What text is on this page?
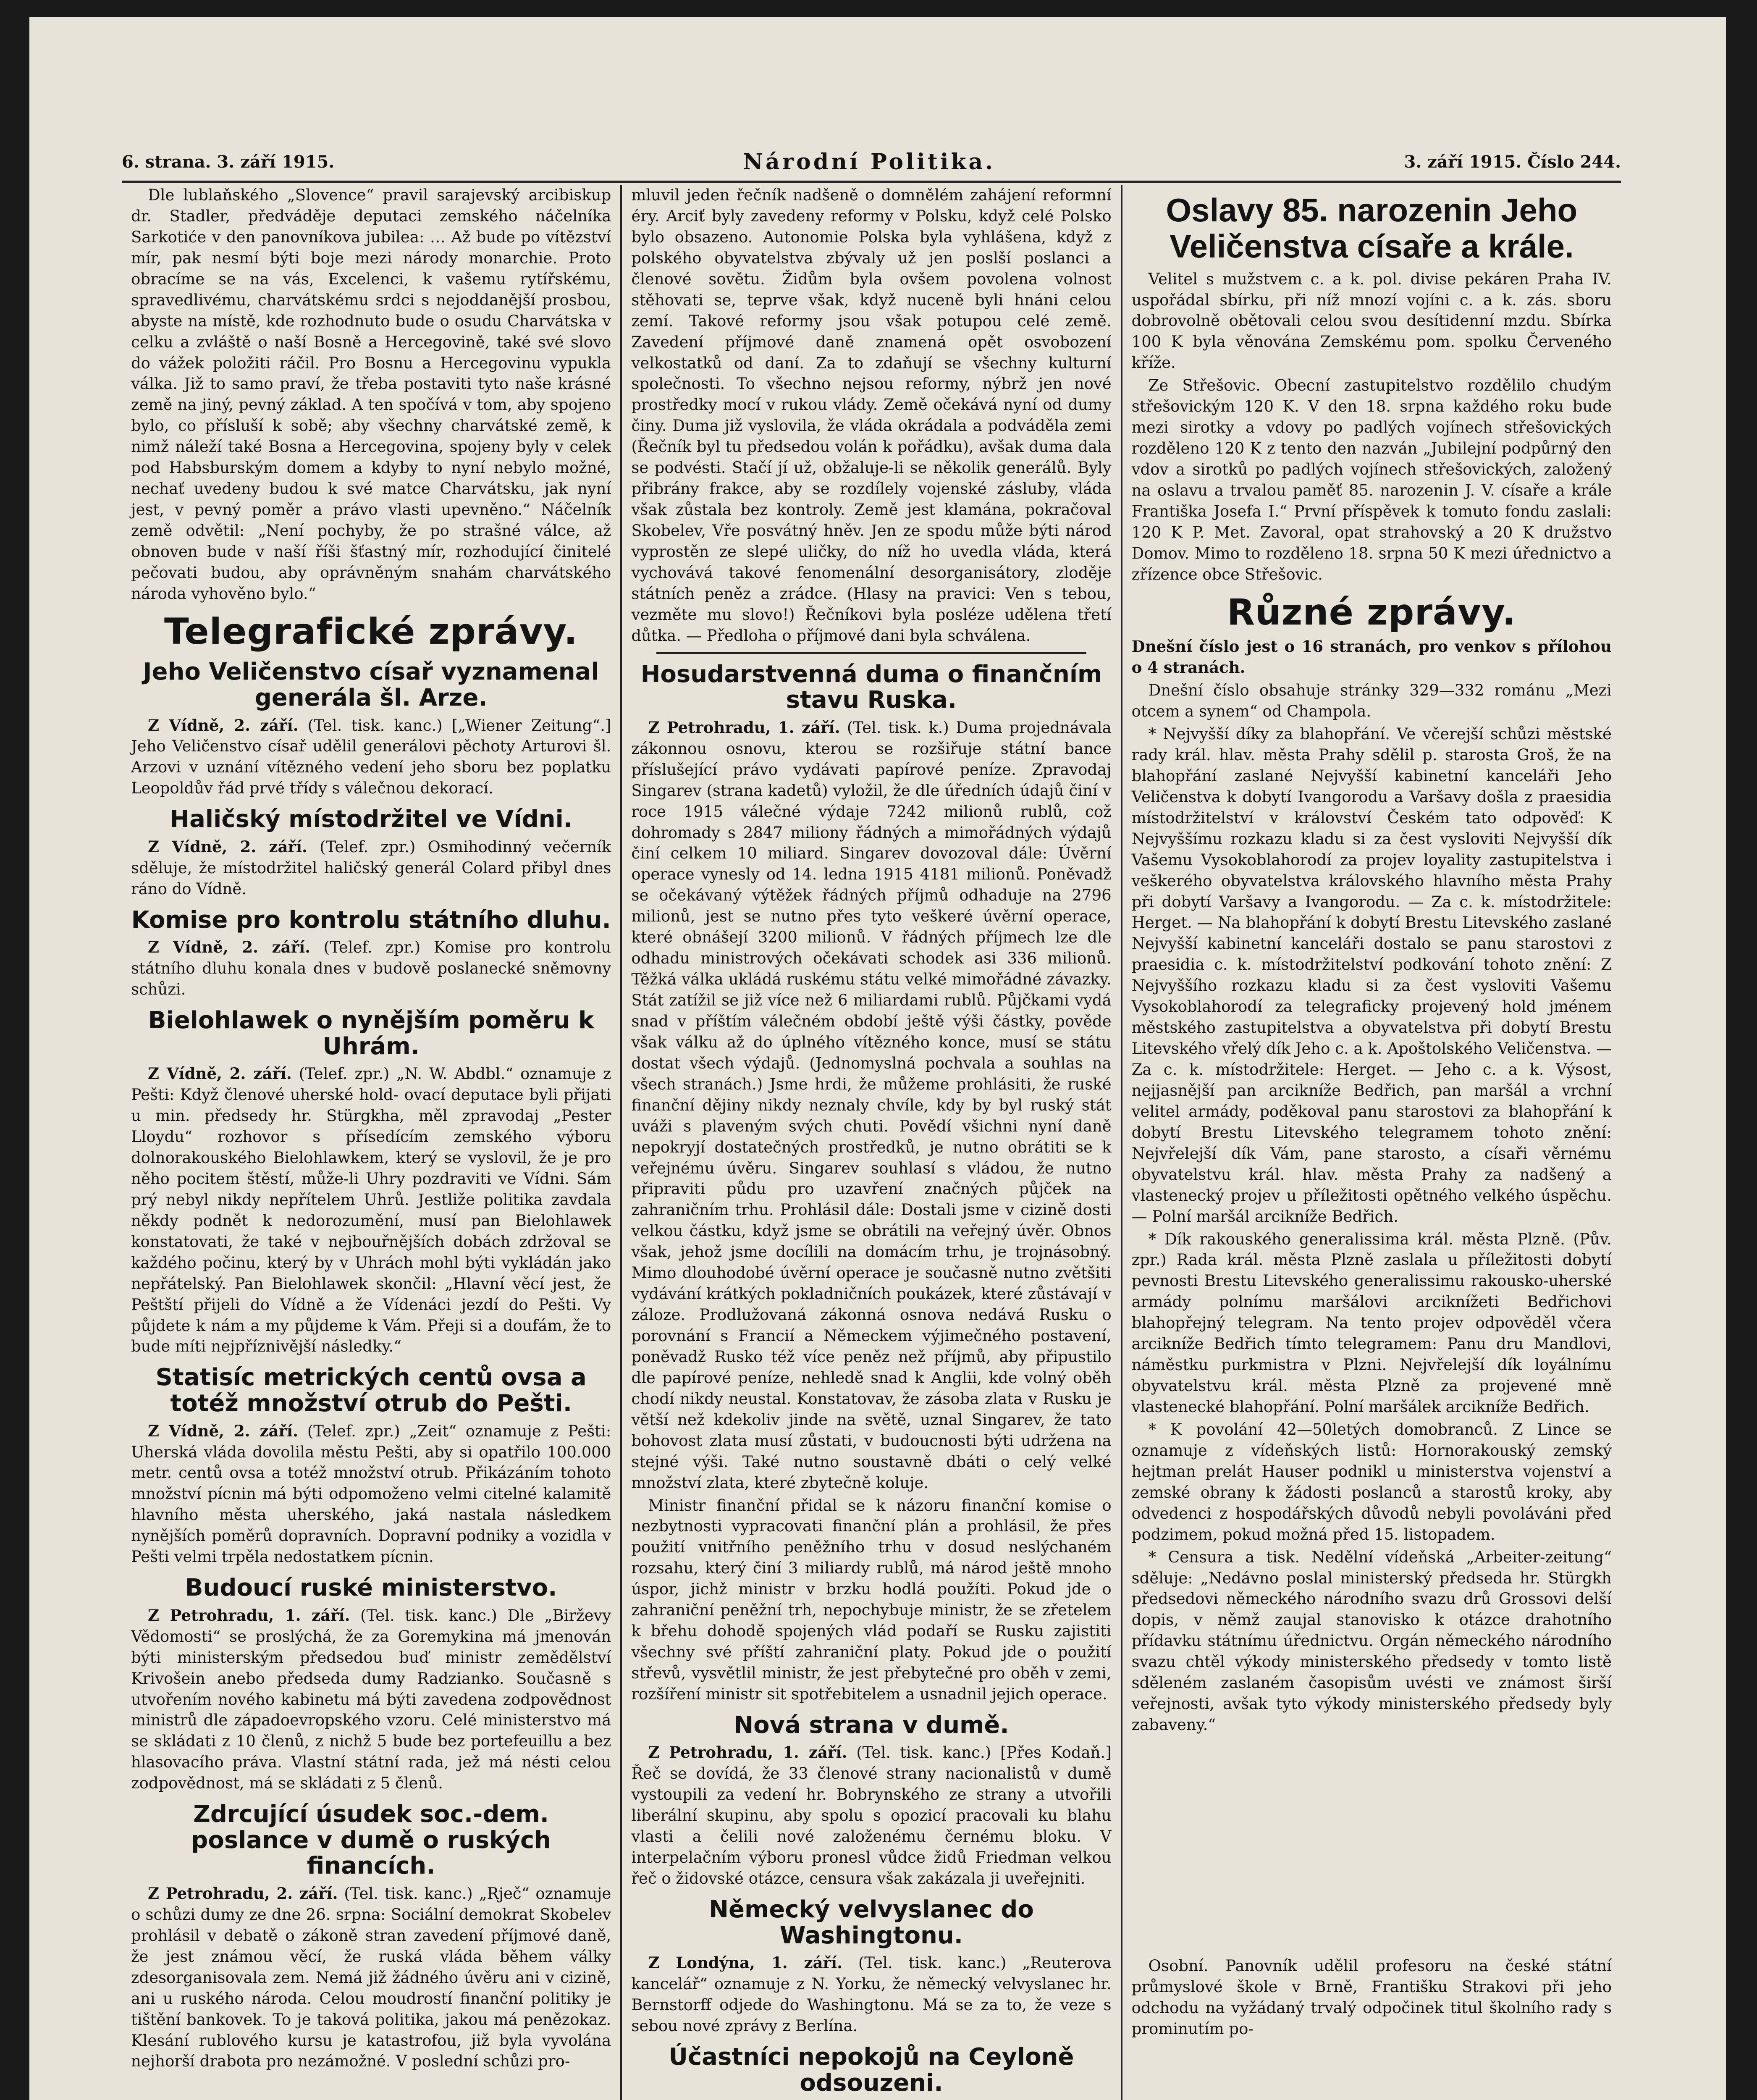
6. strana. 3. září 1915.	Národní Politika.	3. září 1915. Číslo 244.

Dle lublaňského „Slovence“ pravil sarajevský arcibiskup dr. Stadler, předváděje deputaci zemského náčelníka Sarkotiće v den panovníkova jubilea: … Až bude po vítězství mír, pak nesmí býti boje mezi národy monarchie. Proto obracíme se na vás, Excelenci, k vašemu rytířskému, spravedlivému, charvátskému srdci s nejoddanější prosbou, abyste na místě, kde rozhodnuto bude o osudu Charvátska v celku a zvláště o naší Bosně a Hercegovině, také své slovo do vážek položiti ráčil. Pro Bosnu a Hercegovinu vypukla válka. Již to samo praví, že třeba postaviti tyto naše krásné země na jiný, pevný základ. A ten spočívá v tom, aby spojeno bylo, co přísluší k sobě; aby všechny charvátské země, k nimž náleží také Bosna a Hercegovina, spojeny byly v celek pod Habsburským domem a kdyby to nyní nebylo možné, nechať uvedeny budou k své matce Charvátsku, jak nyní jest, v pevný poměr a právo vlasti upevněno.“ Náčelník země odvětil: „Není pochyby, že po strašné válce, až obnoven bude v naší říši šťastný mír, rozhodující činitelé pečovati budou, aby oprávněným snahám charvátského národa vyhověno bylo.“

Telegrafické zprávy.
Jeho Veličenstvo císař vyznamenal generála šl. Arze.

Z Vídně, 2. září. (Tel. tisk. kanc.) [„Wiener Zeitung“.] Jeho Veličenstvo císař udělil generálovi pěchoty Arturovi šl. Arzovi v uznání vítězného vedení jeho sboru bez poplatku Leopoldův řád prvé třídy s válečnou dekorací.

Haličský místodržitel ve Vídni.

Z Vídně, 2. září. (Telef. zpr.) Osmihodinný večerník sděluje, že místodržitel haličský generál Colard přibyl dnes ráno do Vídně.

Komise pro kontrolu státního dluhu.

Z Vídně, 2. září. (Telef. zpr.) Komise pro kontrolu státního dluhu konala dnes v budově poslanecké sněmovny schůzi.

Bielohlawek o nynějším poměru k Uhrám.

Z Vídně, 2. září. (Telef. zpr.) „N. W. Abdbl.“ oznamuje z Pešti: Když členové uherské hold- ovací deputace byli přijati u min. předsedy hr. Stürgkha, měl zpravodaj „Pester Lloydu“ rozhovor s přísedícím zemského výboru dolnorakouského Bielohlawkem, který se vyslovil, že je pro něho pocitem štěstí, může-li Uhry pozdraviti ve Vídni. Sám prý nebyl nikdy nepřítelem Uhrů. Jestliže politika zavdala někdy podnět k nedorozumění, musí pan Bielohlawek konstatovati, že také v nejbouřnějších dobách zdržoval se každého počinu, který by v Uhrách mohl býti vykládán jako nepřátelský. Pan Bielohlawek skončil: „Hlavní věcí jest, že Peštští přijeli do Vídně a že Vídenáci jezdí do Pešti. Vy půjdete k nám a my půjdeme k Vám. Přeji si a doufám, že to bude míti nejpříznivější následky.“

Statisíc metrických centů ovsa a totéž množství otrub do Pešti.

Z Vídně, 2. září. (Telef. zpr.) „Zeit“ oznamuje z Pešti: Uherská vláda dovolila městu Pešti, aby si opatřilo 100.000 metr. centů ovsa a totéž množství otrub. Přikázáním tohoto množství pícnin má býti odpomoženo velmi citelné kalamitě hlavního města uherského, jaká nastala následkem nynějších poměrů dopravních. Dopravní podniky a vozidla v Pešti velmi trpěla nedostatkem pícnin.

Budoucí ruské ministerstvo.

Z Petrohradu, 1. září. (Tel. tisk. kanc.) Dle „Birževy Vědomosti“ se proslýchá, že za Goremykina má jmenován býti ministerským předsedou buď ministr zemědělství Krivošein anebo předseda dumy Radzianko. Současně s utvořením nového kabinetu má býti zavedena zodpovědnost ministrů dle západoevropského vzoru. Celé ministerstvo má se skládati z 10 členů, z nichž 5 bude bez portefeuillu a bez hlasovacího práva. Vlastní státní rada, jež má nésti celou zodpovědnost, má se skládati z 5 členů.

Zdrcující úsudek soc.-dem. poslance v dumě o ruských financích.

Z Petrohradu, 2. září. (Tel. tisk. kanc.) „Rječ“ oznamuje o schůzi dumy ze dne 26. srpna: Sociální demokrat Skobelev prohlásil v debatě o zákoně stran zavedení příjmové daně, že jest známou věcí, že ruská vláda během války zdesorganisovala zem. Nemá již žádného úvěru ani v cizině, ani u ruského národa. Celou moudrostí finanční politiky je tištění bankovek. To je taková politika, jakou má penězokaz. Klesání rublového kursu je katastrofou, již byla vyvolána nejhorší drabota pro nezámožné. V poslední schůzi pro-

mluvil jeden řečník nadšeně o domnělém zahájení reformní éry. Arciť byly zavedeny reformy v Polsku, když celé Polsko bylo obsazeno. Autonomie Polska byla vyhlášena, když z polského obyvatelstva zbývaly už jen poslší poslanci a členové sovětu. Židům byla ovšem povolena volnost stěhovati se, teprve však, když nuceně byli hnáni celou zemí. Takové reformy jsou však potupou celé země. Zavedení příjmové daně znamená opět osvobození velkostatků od daní. Za to zdaňují se všechny kulturní společnosti. To všechno nejsou reformy, nýbrž jen nové prostředky mocí v rukou vlády. Země očekává nyní od dumy činy. Duma již vyslovila, že vláda okrádala a podváděla zemi (Řečník byl tu předsedou volán k pořádku), avšak duma dala se podvésti. Stačí jí už, obžaluje-li se několik generálů. Byly přibrány frakce, aby se rozdílely vojenské zásluby, vláda však zůstala bez kontroly. Země jest klamána, pokračoval Skobelev, Vře posvátný hněv. Jen ze spodu může býti národ vyprostěn ze slepé uličky, do níž ho uvedla vláda, která vychovává takové fenomenální desorganisátory, zloděje státních peněz a zrádce. (Hlasy na pravici: Ven s tebou, vezměte mu slovo!) Řečníkovi byla posléze udělena třetí důtka. — Předloha o příjmové dani byla schválena.

Hosudarstvenná duma o finančním stavu Ruska.

Z Petrohradu, 1. září. (Tel. tisk. k.) Duma projednávala zákonnou osnovu, kterou se rozšiřuje státní bance příslušející právo vydávati papírové peníze. Zpravodaj Singarev (strana kadetů) vyložil, že dle úředních údajů činí v roce 1915 válečné výdaje 7242 milionů rublů, což dohromady s 2847 miliony řádných a mimořádných výdajů činí celkem 10 miliard. Singarev dovozoval dále: Úvěrní operace vynesly od 14. ledna 1915 4181 milionů. Poněvadž se očekávaný výtěžek řádných příjmů odhaduje na 2796 milionů, jest se nutno přes tyto veškeré úvěrní operace, které obnášejí 3200 milionů. V řádných příjmech lze dle odhadu ministrových očekávati schodek asi 336 milionů. Těžká válka ukládá ruskému státu velké mimořádné závazky. Stát zatížil se již více než 6 miliardami rublů. Půjčkami vydá snad v příštím válečném období ještě výši částky, pověde však válku až do úplného vítězného konce, musí se státu dostat všech výdajů. (Jednomyslná pochvala a souhlas na všech stranách.) Jsme hrdi, že můžeme prohlásiti, že ruské finanční dějiny nikdy neznaly chvíle, kdy by byl ruský stát uváži s plaveným svých chuti. Povědí všichni nyní daně nepokryjí dostatečných prostředků, je nutno obrátiti se k veřejnému úvěru. Singarev souhlasí s vládou, že nutno připraviti půdu pro uzavření značných půjček na zahraničním trhu. Prohlásil dále: Dostali jsme v cizině dosti velkou částku, když jsme se obrátili na veřejný úvěr. Obnos však, jehož jsme docílili na domácím trhu, je trojnásobný. Mimo dlouhodobé úvěrní operace je současně nutno zvětšiti vydávání krátkých pokladničních poukázek, které zůstávají v záloze. Prodlužovaná zákonná osnova nedává Rusku o porovnání s Francií a Německem výjimečného postavení, poněvadž Rusko též více peněz než příjmů, aby připustilo dle papírové peníze, nehledě snad k Anglii, kde volný oběh chodí nikdy neustal. Konstatovav, že zásoba zlata v Rusku je větší než kdekoliv jinde na světě, uznal Singarev, že tato bohovost zlata musí zůstati, v budoucnosti býti udržena na stejné výši. Také nutno soustavně dbáti o celý velké množství zlata, které zbytečně koluje.

Ministr finanční přidal se k názoru finanční komise o nezbytnosti vypracovati finanční plán a prohlásil, že přes použití vnitřního peněžního trhu v dosud neslýchaném rozsahu, který činí 3 miliardy rublů, má národ ještě mnoho úspor, jichž ministr v brzku hodlá použíti. Pokud jde o zahraniční peněžní trh, nepochybuje ministr, že se zřetelem k břehu dohodě spojených vlád podaří se Rusku zajistiti všechny své příští zahraniční platy. Pokud jde o použití střevů, vysvětlil ministr, že jest přebytečné pro oběh v zemi, rozšíření ministr sit spotřebitelem a usnadnil jejich operace.

Nová strana v dumě.

Z Petrohradu, 1. září. (Tel. tisk. kanc.) [Přes Kodaň.] Řeč se dovídá, že 33 členové strany nacionalistů v dumě vystoupili za vedení hr. Bobrynského ze strany a utvořili liberální skupinu, aby spolu s opozicí pracovali ku blahu vlasti a čelili nové založenému černému bloku. V interpelačním výboru pronesl vůdce židů Friedman velkou řeč o židovské otázce, censura však zakázala ji uveřejniti.

Německý velvyslanec do Washingtonu.

Z Londýna, 1. září. (Tel. tisk. kanc.) „Reuterova kancelář“ oznamuje z N. Yorku, že německý velvyslanec hr. Bernstorff odjede do Washingtonu. Má se za to, že veze s sebou nové zprávy z Berlína.

Účastníci nepokojů na Ceyloně odsouzeni.

Oslavy 85. narozenin Jeho Veličenstva císaře a krále.

Velitel s mužstvem c. a k. pol. divise pekáren Praha IV. uspořádal sbírku, při níž mnozí vojíni c. a k. zás. sboru dobrovolně obětovali celou svou desítidenní mzdu. Sbírka 100 K byla věnována Zemskému pom. spolku Červeného kříže.

Ze Střešovic. Obecní zastupitelstvo rozdělilo chudým střešovickým 120 K. V den 18. srpna každého roku bude mezi sirotky a vdovy po padlých vojínech střešovických rozděleno 120 K z tento den nazván „Jubilejní podpůrný den vdov a sirotků po padlých vojínech střešovických, založený na oslavu a trvalou paměť 85. narozenin J. V. císaře a krále Františka Josefa I.“ První příspěvek k tomuto fondu zaslali: 120 K P. Met. Zavoral, opat strahovský a 20 K družstvo Domov. Mimo to rozděleno 18. srpna 50 K mezi úřednictvo a zřízence obce Střešovic.

Různé zprávy.

Dnešní číslo jest o 16 stranách, pro venkov s přílohou o 4 stranách.

Dnešní číslo obsahuje stránky 329—332 románu „Mezi otcem a synem“ od Champola.

* Nejvyšší díky za blahopřání. Ve včerejší schůzi městské rady král. hlav. města Prahy sdělil p. starosta Groš, že na blahopřání zaslané Nejvyšší kabinetní kanceláři Jeho Veličenstva k dobytí Ivangorodu a Varšavy došla z praesidia místodržitelství v království Českém tato odpověď: K Nejvyššímu rozkazu kladu si za čest vysloviti Nejvyšší dík Vašemu Vysokoblahorodí za projev loyality zastupitelstva i veškerého obyvatelstva královského hlavního města Prahy při dobytí Varšavy a Ivangorodu. — Za c. k. místodržitele: Herget. — Na blahopřání k dobytí Brestu Litevského zaslané Nejvyšší kabinetní kanceláři dostalo se panu starostovi z praesidia c. k. místodržitelství podkování tohoto znění: Z Nejvyššího rozkazu kladu si za čest vysloviti Vašemu Vysokoblahorodí za telegraficky projevený hold jménem městského zastupitelstva a obyvatelstva při dobytí Brestu Litevského vřelý dík Jeho c. a k. Apoštolského Veličenstva. — Za c. k. místodržitele: Herget. — Jeho c. a k. Výsost, nejjasnější pan arcikníže Bedřich, pan maršál a vrchní velitel armády, poděkoval panu starostovi za blahopřání k dobytí Brestu Litevského telegramem tohoto znění: Nejvřelejší dík Vám, pane starosto, a císaři věrnému obyvatelstvu král. hlav. města Prahy za nadšený a vlastenecký projev u příležitosti opětného velkého úspěchu. — Polní maršál arcikníže Bedřich.

* Dík rakouského generalissima král. města Plzně. (Pův. zpr.) Rada král. města Plzně zaslala u příležitosti dobytí pevnosti Brestu Litevského generalissimu rakousko-uherské armády polnímu maršálovi arciknížeti Bedřichovi blahopřejný telegram. Na tento projev odpověděl včera arcikníže Bedřich tímto telegramem: Panu dru Mandlovi, náměstku purkmistra v Plzni. Nejvřelejší dík loyálnímu obyvatelstvu král. města Plzně za projevené mně vlastenecké blahopřání. Polní maršálek arcikníže Bedřich.

* K povolání 42—50letých domobranců. Z Lince se oznamuje z vídeňských listů: Hornorakouský zemský hejtman prelát Hauser podnikl u ministerstva vojenství a zemské obrany k žádosti poslanců a starostů kroky, aby odvedenci z hospodářských důvodů nebyli povoláváni před podzimem, pokud možná před 15. listopadem.

* Censura a tisk. Nedělní vídeňská „Arbeiter-zeitung“ sděluje: „Nedávno poslal ministerský předseda hr. Stürgkh předsedovi německého národního svazu drů Grossovi delší dopis, v němž zaujal stanovisko k otázce drahotního přídavku státnímu úřednictvu. Orgán německého národního svazu chtěl výkody ministerského předsedy v tomto listě sděleném zaslaném časopisům uvésti ve známost širší veřejnosti, avšak tyto výkody ministerského předsedy byly zabaveny.“

Osobní. Panovník udělil profesoru na české státní průmyslové škole v Brně, Františku Strakovi při jeho odchodu na vyžádaný trvalý odpočinek titul školního rady s prominutím po-
